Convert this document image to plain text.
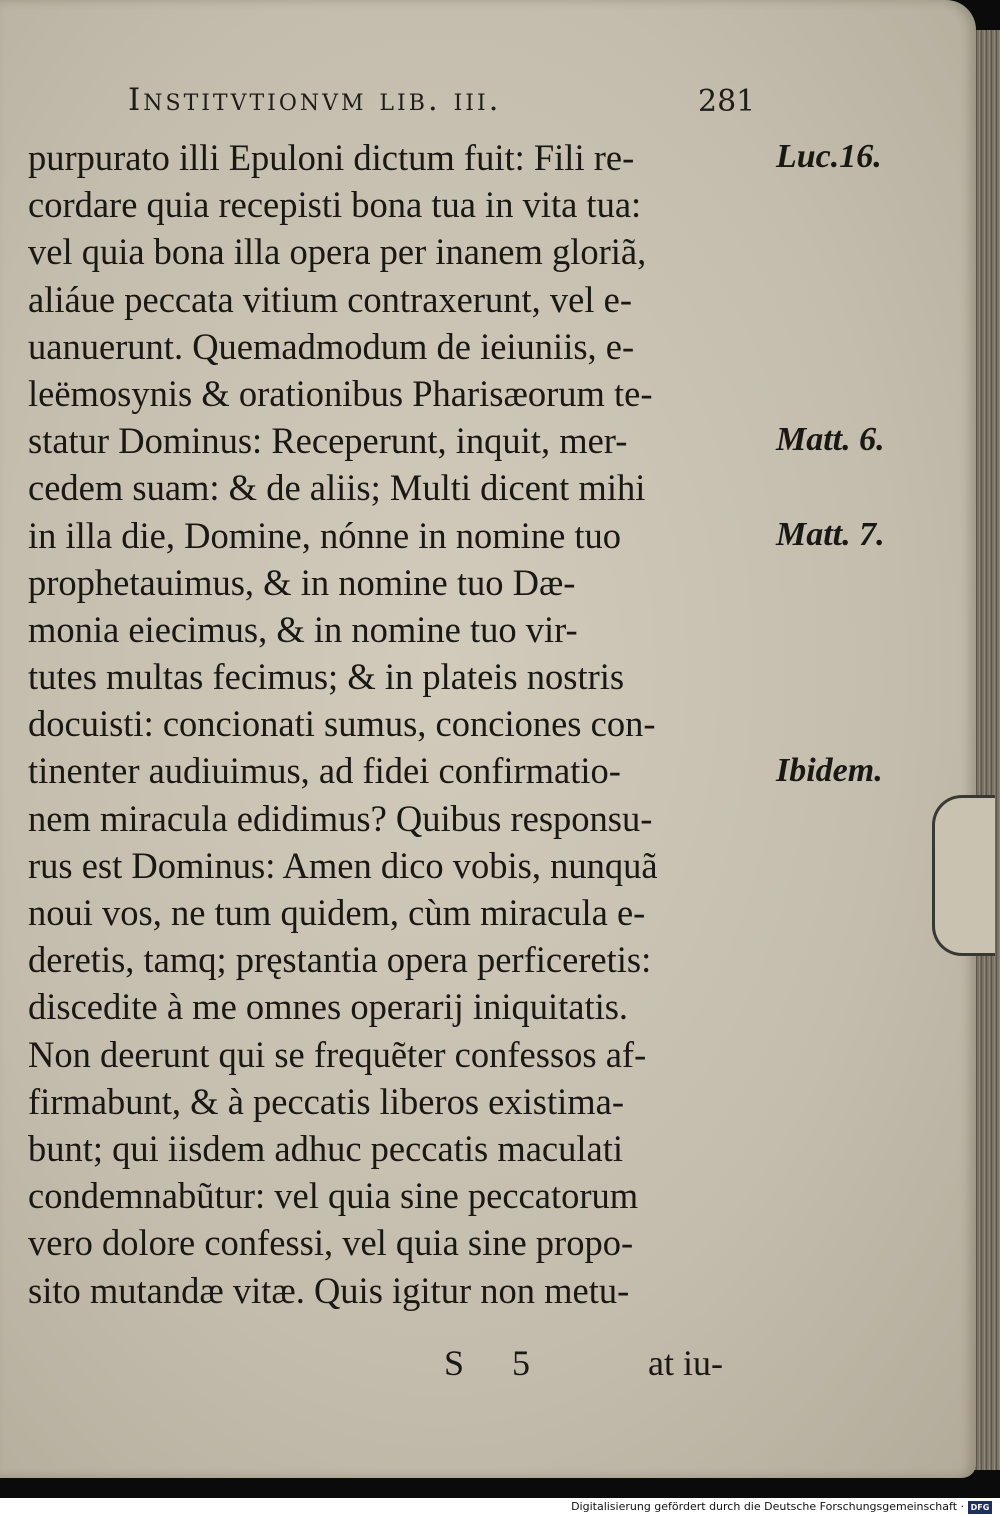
Institvtionvm lib. iii.	281
purpurato illi Epuloni dictum fuit: Fili re-
cordare quia recepisti bona tua in vita tua:
vel quia bona illa opera per inanem gloriã,
aliáue peccata vitium contraxerunt, vel e-
uanuerunt. Quemadmodum de ieiuniis, e-
leëmosynis & orationibus Pharisæorum te-
statur Dominus: Receperunt, inquit, mer-
cedem suam: & de aliis; Multi dicent mihi
in illa die, Domine, nónne in nomine tuo
prophetauimus, & in nomine tuo Dæ-
monia eiecimus, & in nomine tuo vir-
tutes multas fecimus; & in plateis nostris
docuisti: concionati sumus, conciones con-
tinenter audiuimus, ad fidei confirmatio-
nem miracula edidimus? Quibus responsu-
rus est Dominus: Amen dico vobis, nunquã
noui vos, ne tum quidem, cùm miracula e-
deretis, tamq; pręstantia opera perficeretis:
discedite à me omnes operarij iniquitatis.
Non deerunt qui se frequẽter confessos af-
firmabunt, & à peccatis liberos existima-
bunt; qui iisdem adhuc peccatis maculati
condemnabũtur: vel quia sine peccatorum
vero dolore confessi, vel quia sine propo-
sito mutandæ vitæ. Quis igitur non metu-
Luc.16.
Matt. 6.
Matt. 7.
Ibidem.
S 5	at iu-
Digitalisierung gefördert durch die Deutsche Forschungsgemeinschaft · DFG
